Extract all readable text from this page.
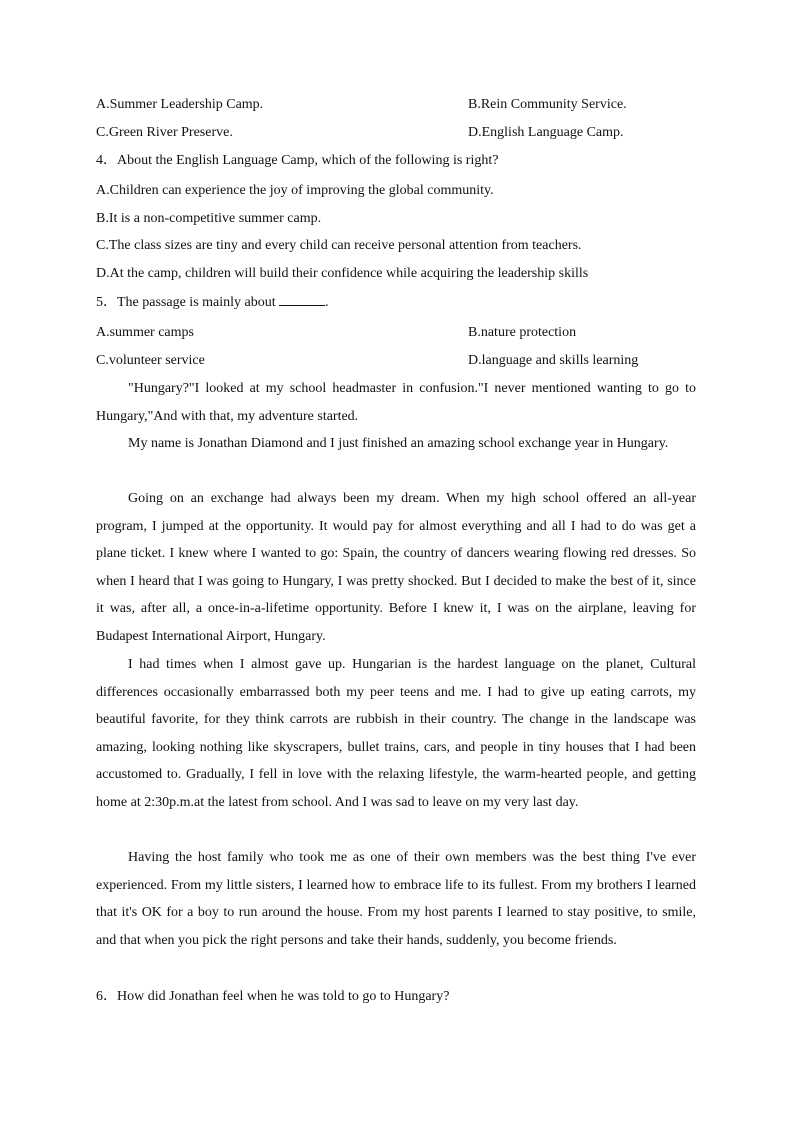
A.Summer Leadership Camp.	B.Rein Community Service.
C.Green River Preserve.	D.English Language Camp.
4．About the English Language Camp, which of the following is right?
A.Children can experience the joy of improving the global community.
B.It is a non-competitive summer camp.
C.The class sizes are tiny and every child can receive personal attention from teachers.
D.At the camp, children will build their confidence while acquiring the leadership skills
5．The passage is mainly about	.
A.summer camps	B.nature protection
C.volunteer service	D.language and skills learning

"Hungary?"I looked at my school headmaster in confusion."I never mentioned wanting to go to Hungary,"And with that, my adventure started.

My name is Jonathan Diamond and I just finished an amazing school exchange year in Hungary.

Going on an exchange had always been my dream. When my high school offered an all-year program, I jumped at the opportunity. It would pay for almost everything and all I had to do was get a plane ticket. I knew where I wanted to go: Spain, the country of dancers wearing flowing red dresses. So when I heard that I was going to Hungary, I was pretty shocked. But I decided to make the best of it, since it was, after all, a once-in-a-lifetime opportunity. Before I knew it, I was on the airplane, leaving for Budapest International Airport, Hungary.

I had times when I almost gave up. Hungarian is the hardest language on the planet, Cultural differences occasionally embarrassed both my peer teens and me. I had to give up eating carrots, my beautiful favorite, for they think carrots are rubbish in their country. The change in the landscape was amazing, looking nothing like skyscrapers, bullet trains, cars, and people in tiny houses that I had been accustomed to. Gradually, I fell in love with the relaxing lifestyle, the warm-hearted people, and getting home at 2:30p.m.at the latest from school. And I was sad to leave on my very last day.

Having the host family who took me as one of their own members was the best thing I've ever experienced. From my little sisters, I learned how to embrace life to its fullest. From my brothers I learned that it's OK for a boy to run around the house. From my host parents I learned to stay positive, to smile, and that when you pick the right persons and take their hands, suddenly, you become friends.

6．How did Jonathan feel when he was told to go to Hungary?
